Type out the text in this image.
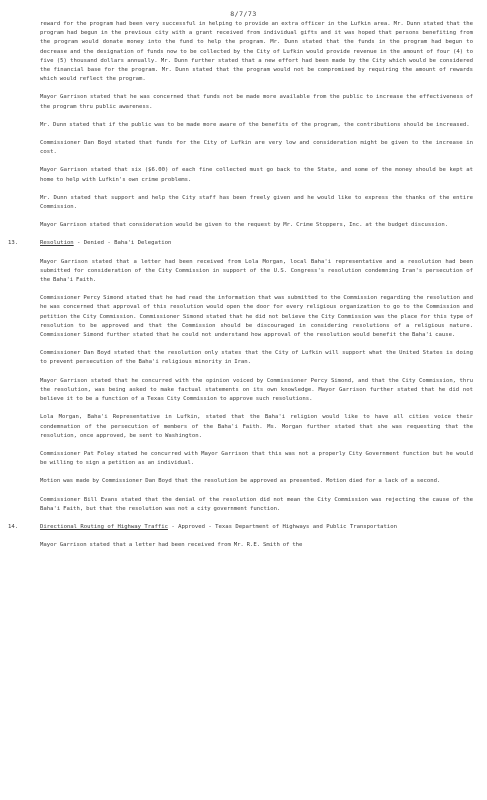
8/7/73

reward for the program had been very successful in helping to provide an extra officer in the Lufkin area. Mr. Dunn stated that the program had begun in the previous city with a grant received from individual gifts and it was hoped that persons benefiting from the program would donate money into the fund to help the program. Mr. Dunn stated that the funds in the program had begun to decrease and the designation of funds now to be collected by the City of Lufkin would provide revenue in the amount of four (4) to five (5) thousand dollars annually. Mr. Dunn further stated that a new effort had been made by the City which would be considered the financial base for the program. Mr. Dunn stated that the program would not be compromised by requiring the amount of rewards which would reflect the program.

Mayor Garrison stated that he was concerned that funds not be made more available from the public to increase the effectiveness of the program thru public awareness.

Mr. Dunn stated that if the public was to be made more aware of the benefits of the program, the contributions should be increased.

Commissioner Dan Boyd stated that funds for the City of Lufkin are very low and consideration might be given to the increase in cost.

Mayor Garrison stated that six ($6.00) of each fine collected must go back to the State, and some of the money should be kept at home to help with Lufkin's own crime problems.

Mr. Dunn stated that support and help the City staff has been freely given and he would like to express the thanks of the entire Commission.

Mayor Garrison stated that consideration would be given to the request by Mr. Crime Stoppers, Inc. at the budget discussion.

13.	Resolution - Denied - Baha'i Delegation

Mayor Garrison stated that a letter had been received from Lola Morgan, local Baha'i representative and a resolution had been submitted for consideration of the City Commission in support of the U.S. Congress's resolution condemning Iran's persecution of the Baha'i Faith.

Commissioner Percy Simond stated that he had read the information that was submitted to the Commission regarding the resolution and he was concerned that approval of this resolution would open the door for every religious organization to go to the Commission and petition the City Commission. Commissioner Simond stated that he did not believe the City Commission was the place for this type of resolution to be approved and that the Commission should be discouraged in considering resolutions of a religious nature. Commissioner Simond further stated that he could not understand how approval of the resolution would benefit the Baha'i cause.

Commissioner Dan Boyd stated that the resolution only states that the City of Lufkin will support what the United States is doing to prevent persecution of the Baha'i religious minority in Iran.

Mayor Garrison stated that he concurred with the opinion voiced by Commissioner Percy Simond, and that the City Commission, thru the resolution, was being asked to make factual statements on its own knowledge. Mayor Garrison further stated that he did not believe it to be a function of a Texas City Commission to approve such resolutions.

Lola Morgan, Baha'i Representative in Lufkin, stated that the Baha'i religion would like to have all cities voice their condemnation of the persecution of members of the Baha'i Faith. Ms. Morgan further stated that she was requesting that the resolution, once approved, be sent to Washington.

Commissioner Pat Foley stated he concurred with Mayor Garrison that this was not a properly City Government function but he would be willing to sign a petition as an individual.

Motion was made by Commissioner Dan Boyd that the resolution be approved as presented. Motion died for a lack of a second.

Commissioner Bill Evans stated that the denial of the resolution did not mean the City Commission was rejecting the cause of the Baha'i Faith, but that the resolution was not a city government function.

14.	Directional Routing of Highway Traffic - Approved - Texas Department of Highways and Public Transportation

Mayor Garrison stated that a letter had been received from Mr. R.E. Smith of the
